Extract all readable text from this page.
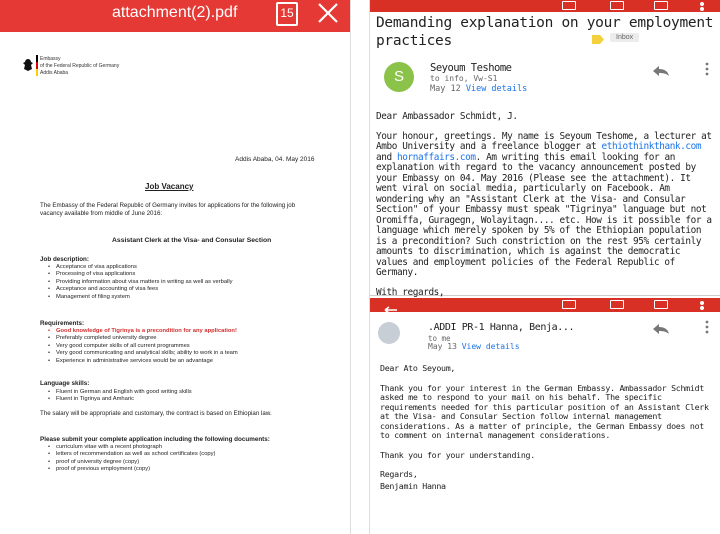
attachment(2).pdf	15
Embassy
of the Federal Republic of Germany
Addis Ababa
Addis Ababa, 04. May 2016
Job Vacancy
The Embassy of the Federal Republic of Germany invites for applications for the following job vacancy available from middle of June 2016:
Assistant Clerk at the Visa- and Consular Section
Job description:
• Acceptance of visa applications
• Processing of visa applications
• Providing information about visa matters in writing as well as verbally
• Acceptance and accounting of visa fees
• Management of filing system
Requirements:
• Good knowledge of Tigrinya is a precondition for any application!
• Preferably completed university degree
• Very good computer skills of all current programmes
• Very good communicating and analytical skills; ability to work in a team
• Experience in administrative services would be an advantage
Language skills:
• Fluent in German and English with good writing skills
• Fluent in Tigrinya and Amharic
The salary will be appropriate and customary, the contract is based on Ethiopian law.
Please submit your complete application including the following documents:
• curriculum vitae with a recent photograph
• letters of recommendation as well as school certificates (copy)
• proof of university degree (copy)
• proof of previous employment (copy)
Demanding explanation on your employment practices	Inbox
S	Seyoum Teshome
to info, Vw-S1
May 12 View details

Dear Ambassador Schmidt, J.

Your honour, greetings. My name is Seyoum Teshome, a lecturer at Ambo University and a freelance blogger at ethiothinkthank.com and hornaffairs.com. Am writing this email looking for an explanation with regard to the vacancy announcement posted by your Embassy on 04. May 2016 (Please see the attachment). It went viral on social media, particularly on Facebook. Am wondering why an "Assistant Clerk at the Visa- and Consular Section" of your Embassy must speak "Tigrinya" language but not Oromiffa, Guragegn, Wolayitagn.... etc. How is it possible for a language which merely spoken by 5% of the Ethiopian population is a precondition? Such constriction on the rest 95% certainly amounts to discrimination, which is against the democratic values and employment policies of the Federal Republic of Germany.

With regards,

.ADDI PR-1 Hanna, Benja...
to me
May 13 View details

Dear Ato Seyoum,

Thank you for your interest in the German Embassy. Ambassador Schmidt asked me to respond to your mail on his behalf. The specific requirements needed for this particular position of an Assistant Clerk at the Visa- and Consular Section follow internal management considerations. As a matter of principle, the German Embassy does not to comment on internal management considerations.

Thank you for your understanding.

Regards,

Benjamin Hanna
